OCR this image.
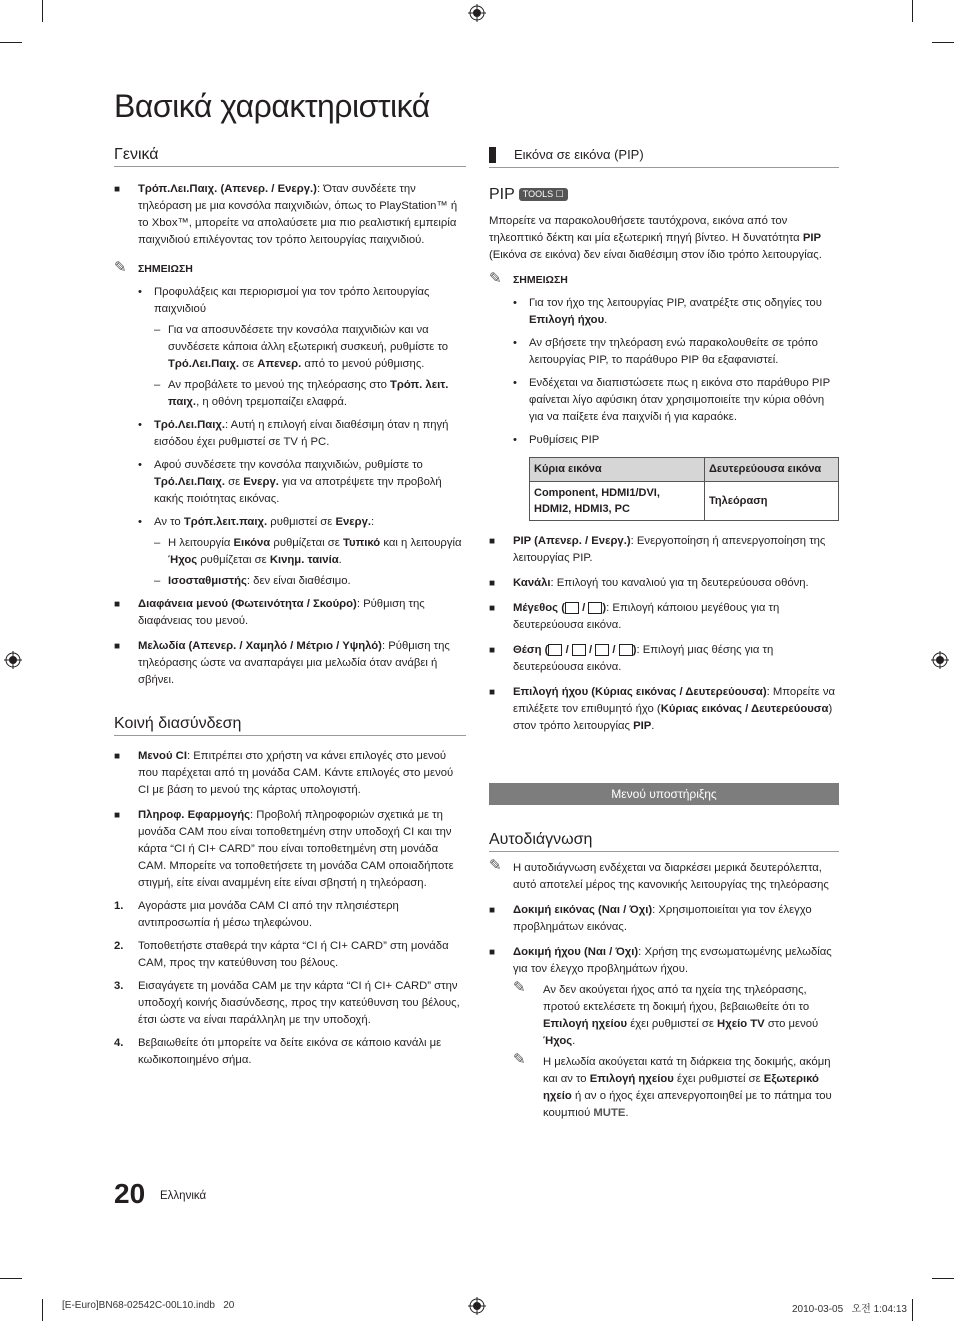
Βασικά χαρακτηριστικά
Γενικά
■ Τρόπ.Λει.Παιχ. (Απενερ. / Ενεργ.): Όταν συνδέετε την τηλεόραση με μια κονσόλα παιχνιδιών, όπως το PlayStation™ ή το Xbox™, μπορείτε να απολαύσετε μια πιο ρεαλιστική εμπειρία παιχνιδιού επιλέγοντας τον τρόπο λειτουργίας παιχνιδιού.
✎ ΣΗΜΕΙΩΣΗ
• Προφυλάξεις και περιορισμοί για τον τρόπο λειτουργίας παιχνιδιού
– Για να αποσυνδέσετε την κονσόλα παιχνιδιών και να συνδέσετε κάποια άλλη εξωτερική συσκευή, ρυθμίστε το Τρό.Λει.Παιχ. σε Απενερ. από το μενού ρύθμισης.
– Αν προβάλετε το μενού της τηλεόρασης στο Τρόπ. λειτ. παιχ., η οθόνη τρεμοπαίζει ελαφρά.
• Τρό.Λει.Παιχ.: Αυτή η επιλογή είναι διαθέσιμη όταν η πηγή εισόδου έχει ρυθμιστεί σε TV ή PC.
• Αφού συνδέσετε την κονσόλα παιχνιδιών, ρυθμίστε το Τρό.Λει.Παιχ. σε Ενεργ. για να αποτρέψετε την προβολή κακής ποιότητας εικόνας.
• Αν το Τρόπ.λειτ.παιχ. ρυθμιστεί σε Ενεργ.:
– Η λειτουργία Εικόνα ρυθμίζεται σε Τυπικό και η λειτουργία Ήχος ρυθμίζεται σε Κινημ. ταινία.
– Ισοσταθμιστής: δεν είναι διαθέσιμο.
■ Διαφάνεια μενού (Φωτεινότητα / Σκούρο): Ρύθμιση της διαφάνειας του μενού.
■ Μελωδία (Απενερ. / Χαμηλό / Μέτριο / Υψηλό): Ρύθμιση της τηλεόρασης ώστε να αναπαράγει μια μελωδία όταν ανάβει ή σβήνει.
Κοινή διασύνδεση
■ Μενού CI: Επιτρέπει στο χρήστη να κάνει επιλογές στο μενού που παρέχεται από τη μονάδα CAM. Κάντε επιλογές στο μενού CI με βάση το μενού της κάρτας υπολογιστή.
■ Πληροφ. Εφαρμογής: Προβολή πληροφοριών σχετικά με τη μονάδα CAM που είναι τοποθετημένη στην υποδοχή CI και την κάρτα “CI ή CI+ CARD” που είναι τοποθετημένη στη μονάδα CAM. Μπορείτε να τοποθετήσετε τη μονάδα CAM οποιαδήποτε στιγμή, είτε είναι αναμμένη είτε είναι σβηστή η τηλεόραση.
1. Αγοράστε μια μονάδα CAM CI από την πλησιέστερη αντιπροσωπία ή μέσω τηλεφώνου.
2. Τοποθετήστε σταθερά την κάρτα “CI ή CI+ CARD” στη μονάδα CAM, προς την κατεύθυνση του βέλους.
3. Εισαγάγετε τη μονάδα CAM με την κάρτα “CI ή CI+ CARD” στην υποδοχή κοινής διασύνδεσης, προς την κατεύθυνση του βέλους, έτσι ώστε να είναι παράλληλη με την υποδοχή.
4. Βεβαιωθείτε ότι μπορείτε να δείτε εικόνα σε κάποιο κανάλι με κωδικοποιημένο σήμα.
Εικόνα σε εικόνα (PIP)
PIP TOOLS ☐
Μπορείτε να παρακολουθήσετε ταυτόχρονα, εικόνα από τον τηλεοπτικό δέκτη και μία εξωτερική πηγή βίντεο. Η δυνατότητα PIP (Εικόνα σε εικόνα) δεν είναι διαθέσιμη στον ίδιο τρόπο λειτουργίας.
✎ ΣΗΜΕΙΩΣΗ
• Για τον ήχο της λειτουργίας PIP, ανατρέξτε στις οδηγίες του Επιλογή ήχου.
• Αν σβήσετε την τηλεόραση ενώ παρακολουθείτε σε τρόπο λειτουργίας PIP, το παράθυρο PIP θα εξαφανιστεί.
• Ενδέχεται να διαπιστώσετε πως η εικόνα στο παράθυρο PIP φαίνεται λίγο αφύσικη όταν χρησιμοποιείτε την κύρια οθόνη για να παίξετε ένα παιχνίδι ή για καραόκε.
• Ρυθμίσεις PIP
Κύρια εικόνα	Δευτερεύουσα εικόνα
Component, HDMI1/DVI, HDMI2, HDMI3, PC	Τηλεόραση
■ PIP (Απενερ. / Ενεργ.): Ενεργοποίηση ή απενεργοποίηση της λειτουργίας PIP.
■ Κανάλι: Επιλογή του καναλιού για τη δευτερεύουσα οθόνη.
■ Μέγεθος ( / ): Επιλογή κάποιου μεγέθους για τη δευτερεύουσα εικόνα.
■ Θέση ( / / / ): Επιλογή μιας θέσης για τη δευτερεύουσα εικόνα.
■ Επιλογή ήχου (Κύριας εικόνας / Δευτερεύουσα): Μπορείτε να επιλέξετε τον επιθυμητό ήχο (Κύριας εικόνας / Δευτερεύουσα) στον τρόπο λειτουργίας PIP.
Μενού υποστήριξης
Αυτοδιάγνωση
✎ Η αυτοδιάγνωση ενδέχεται να διαρκέσει μερικά δευτερόλεπτα, αυτό αποτελεί μέρος της κανονικής λειτουργίας της τηλεόρασης
■ Δοκιμή εικόνας (Ναι / Όχι): Χρησιμοποιείται για τον έλεγχο προβλημάτων εικόνας.
■ Δοκιμή ήχου (Ναι / Όχι): Χρήση της ενσωματωμένης μελωδίας για τον έλεγχο προβλημάτων ήχου.
✎ Αν δεν ακούγεται ήχος από τα ηχεία της τηλεόρασης, προτού εκτελέσετε τη δοκιμή ήχου, βεβαιωθείτε ότι το Επιλογή ηχείου έχει ρυθμιστεί σε Ηχείο TV στο μενού Ήχος.
✎ Η μελωδία ακούγεται κατά τη διάρκεια της δοκιμής, ακόμη και αν το Επιλογή ηχείου έχει ρυθμιστεί σε Εξωτερικό ηχείο ή αν ο ήχος έχει απενεργοποιηθεί με το πάτημα του κουμπιού MUTE.
20 Ελληνικά
[E-Euro]BN68-02542C-00L10.indb   20	2010-03-05   오전 1:04:13
